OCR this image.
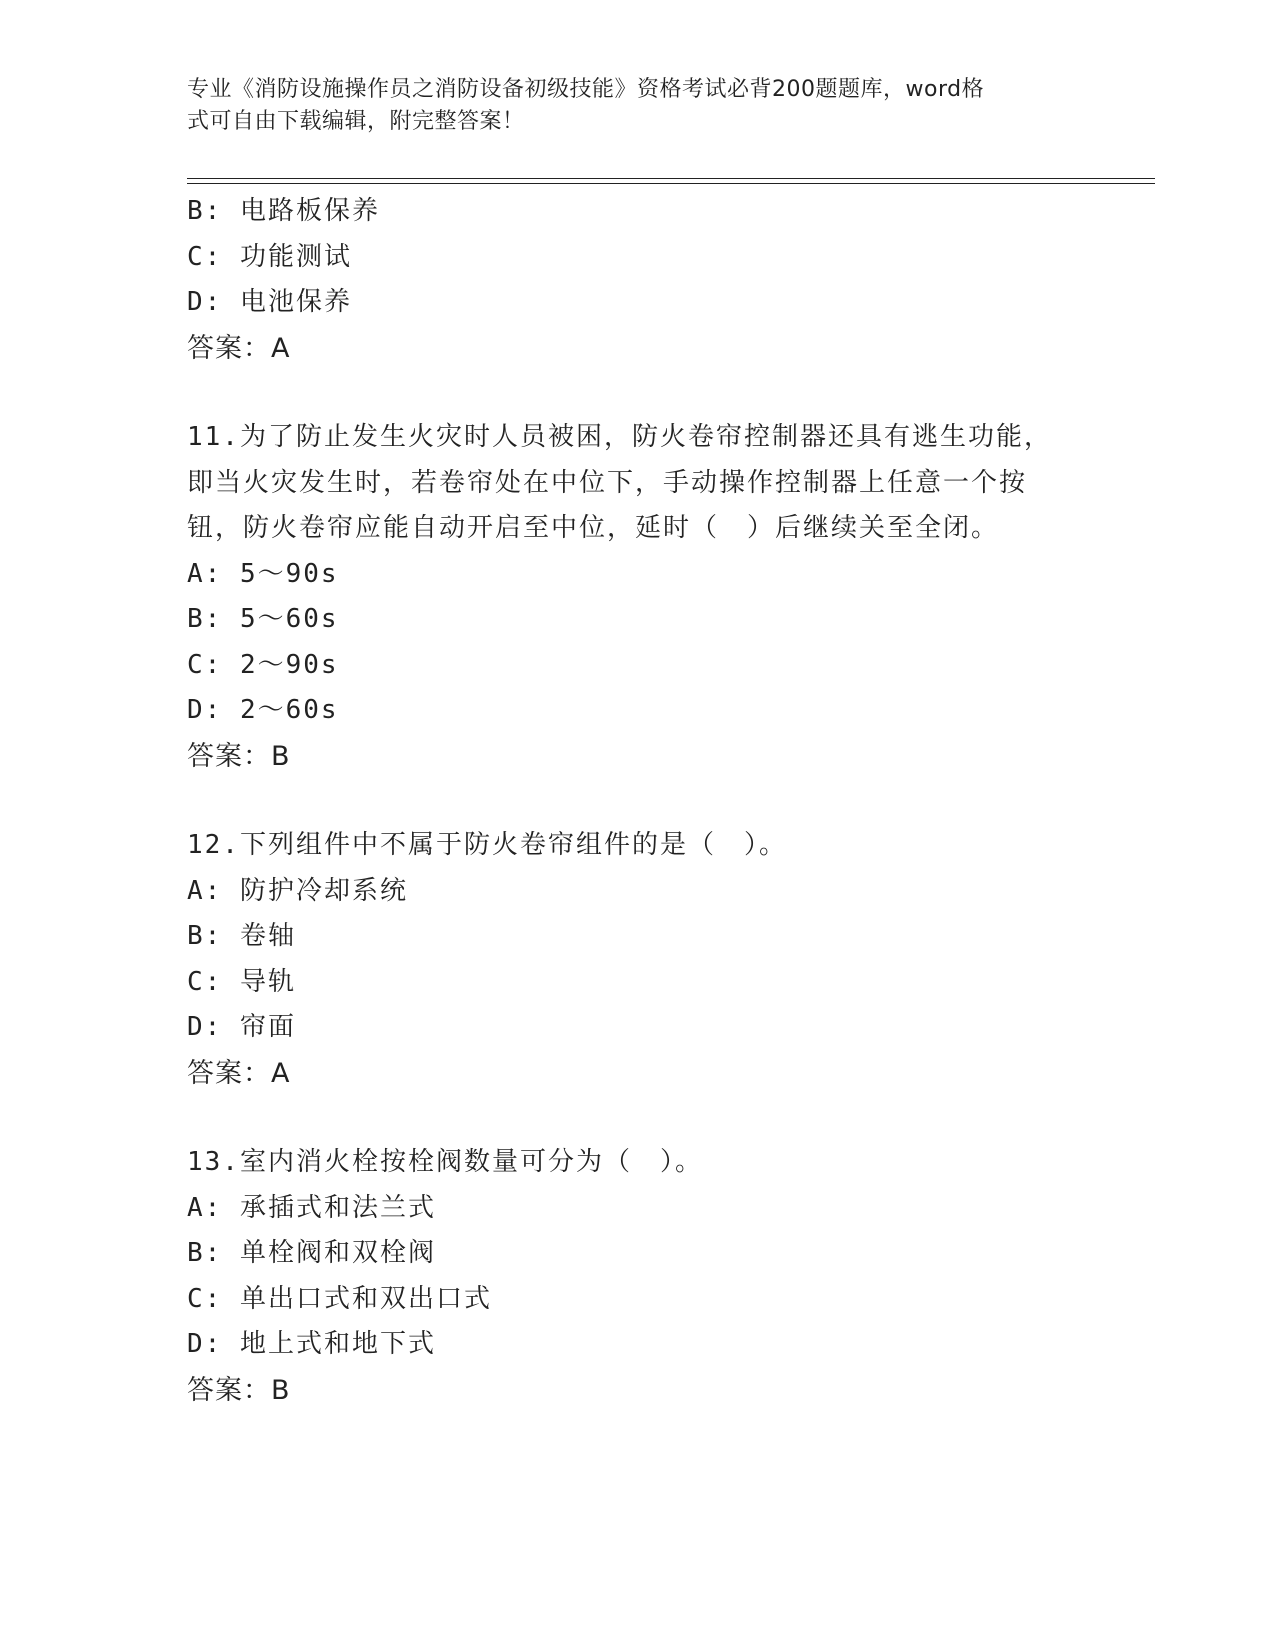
专业《消防设施操作员之消防设备初级技能》资格考试必背200题题库，word格
式可自由下载编辑，附完整答案！
B: 电路板保养
C: 功能测试
D: 电池保养
答案：A
11.为了防止发生火灾时人员被困，防火卷帘控制器还具有逃生功能，
即当火灾发生时，若卷帘处在中位下，手动操作控制器上任意一个按
钮，防火卷帘应能自动开启至中位，延时（　）后继续关至全闭。
A: 5～90s
B: 5～60s
C: 2～90s
D: 2～60s
答案：B
12.下列组件中不属于防火卷帘组件的是（　）。
A: 防护冷却系统
B: 卷轴
C: 导轨
D: 帘面
答案：A
13.室内消火栓按栓阀数量可分为（　）。
A: 承插式和法兰式
B: 单栓阀和双栓阀
C: 单出口式和双出口式
D: 地上式和地下式
答案：B
